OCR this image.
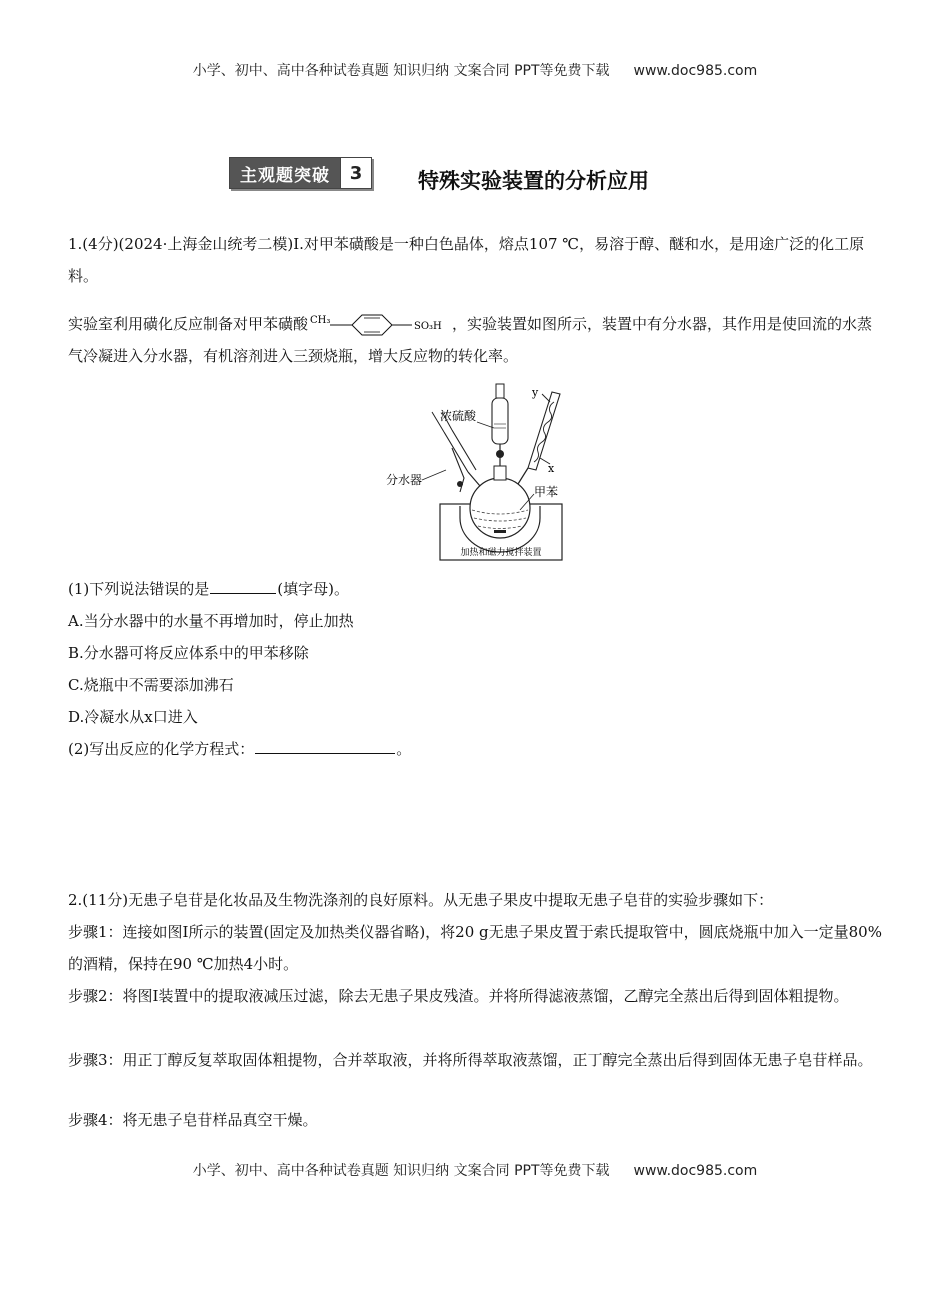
小学、初中、高中各种试卷真题 知识归纳 文案合同 PPT等免费下载 www.doc985.com
主观题突破	3	特殊实验装置的分析应用
1.(4分)(2024·上海金山统考二模)Ⅰ.对甲苯磺酸是一种白色晶体，熔点107 ℃，易溶于醇、醚和水，是用途广泛的化工原料。
实验室利用磺化反应制备对甲苯磺酸 CH₃
SO₃H ，实验装置如图所示，装置中有分水器，其作用是使回流的水蒸气冷凝进入分水器，有机溶剂进入三颈烧瓶，增大反应物的转化率。
加热和磁力搅拌装置
浓硫酸
y
x
甲苯
分水器
(1)下列说法错误的是	(填字母)。
A.当分水器中的水量不再增加时，停止加热
B.分水器可将反应体系中的甲苯移除
C.烧瓶中不需要添加沸石
D.冷凝水从x口进入
(2)写出反应的化学方程式：	。
2.(11分)无患子皂苷是化妆品及生物洗涤剂的良好原料。从无患子果皮中提取无患子皂苷的实验步骤如下：
步骤1：连接如图Ⅰ所示的装置(固定及加热类仪器省略)，将20 g无患子果皮置于索氏提取管中，圆底烧瓶中加入一定量80%的酒精，保持在90 ℃加热4小时。
步骤2：将图Ⅰ装置中的提取液减压过滤，除去无患子果皮残渣。并将所得滤液蒸馏，乙醇完全蒸出后得到固体粗提物。
步骤3：用正丁醇反复萃取固体粗提物，合并萃取液，并将所得萃取液蒸馏，正丁醇完全蒸出后得到固体无患子皂苷样品。
步骤4：将无患子皂苷样品真空干燥。
小学、初中、高中各种试卷真题 知识归纳 文案合同 PPT等免费下载 www.doc985.com
